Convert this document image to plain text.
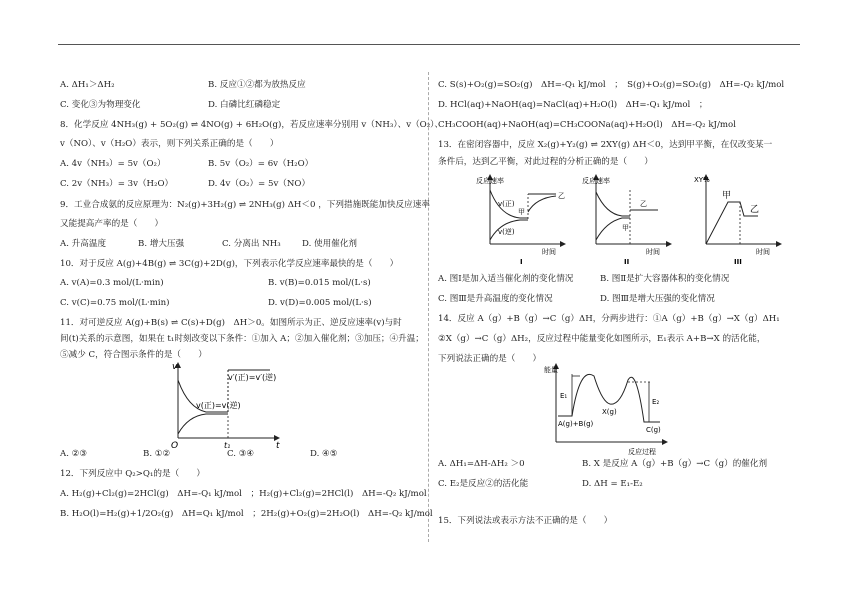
A. ΔH₁＞ΔH₂	B. 反应①②都为放热反应
C. 变化③为物理变化	D. 白磷比红磷稳定
8．化学反应 4NH₃(g) + 5O₂(g) ⇌ 4NO(g) + 6H₂O(g)，若反应速率分别用 v（NH₃）、v（O₂）、
v（NO）、v（H₂O）表示，则下列关系正确的是（　　）
A. 4v（NH₃）= 5v（O₂）	B. 5v（O₂）= 6v（H₂O）
C. 2v（NH₃）= 3v（H₂O）	D. 4v（O₂）= 5v（NO）
9．工业合成氨的反应原理为：N₂(g)+3H₂(g) ⇌ 2NH₃(g) ΔH＜0 ，下列措施既能加快反应速率
又能提高产率的是（　　）
A. 升高温度	B. 增大压强	C. 分离出 NH₃ D. 使用催化剂
10．对于反应 A(g)+4B(g) ⇌ 3C(g)+2D(g)，下列表示化学反应速率最快的是（　　）
A. v(A)=0.3 mol/(L·min)	B. v(B)=0.015 mol/(L·s)
C. v(C)=0.75 mol/(L·min)	D. v(D)=0.005 mol/(L·s)
11．对可逆反应 A(g)+B(s) ⇌ C(s)+D(g)　ΔH＞0。如图所示为正、逆反应速率(v)与时
间(t)关系的示意图，如果在 t₁时刻改变以下条件：①加入 A；②加入催化剂；③加压；④升温；
⑤减少 C，符合图示条件的是（　　）
v
t
O
v′(正)=v′(逆)
v(正)=v(逆)
t₁
A. ②③	B. ①②	C. ③④	D. ④⑤
12．下列反应中 Q₂>Q₁的是（　　）
A. H₂(g)+Cl₂(g)=2HCl(g)　ΔH=-Q₁ kJ/mol　；H₂(g)+Cl₂(g)=2HCl(l)　ΔH=-Q₂ kJ/mol
B. H₂O(l)=H₂(g)+1/2O₂(g)　ΔH=Q₁ kJ/mol　；2H₂(g)+O₂(g)=2H₂O(l)　ΔH=-Q₂ kJ/mol
C. S(s)+O₂(g)=SO₂(g)　ΔH=-Q₁ kJ/mol　；　S(g)+O₂(g)=SO₂(g)　ΔH=-Q₂ kJ/mol
D. HCl(aq)+NaOH(aq)=NaCl(aq)+H₂O(l)　ΔH=-Q₁ kJ/mol　；
CH₃COOH(aq)+NaOH(aq)=CH₃COONa(aq)+H₂O(l)　ΔH=-Q₂ kJ/mol
13．在密闭容器中，反应 X₂(g)+Y₂(g) ⇌ 2XY(g) ΔH＜0，达到甲平衡，在仅改变某一
条件后，达到乙平衡，对此过程的分析正确的是（　　）
反应速率
v(正)
v(逆)
甲
乙
时间
I
反应速率
甲
乙
时间
II
XY%
甲
乙
时间
III
A. 图Ⅰ是加入适当催化剂的变化情况	B. 图Ⅱ是扩大容器体积的变化情况
C. 图Ⅲ是升高温度的变化情况	D. 图Ⅲ是增大压强的变化情况
14．反应 A（g）+B（g）→C（g）ΔH，分两步进行：①A（g）+B（g）→X（g）ΔH₁
②X（g）→C（g）ΔH₂，反应过程中能量变化如图所示，E₁表示 A+B→X 的活化能，
下列说法正确的是（　　）
能量
E₁
E₂
X(g)
A(g)+B(g)
C(g)
反应过程
A. ΔH₁=ΔH-ΔH₂ ＞0	B. X 是反应 A（g）+B（g）→C（g）的催化剂
C. E₂是反应②的活化能	D. ΔH = E₁-E₂
15．下列说法或表示方法不正确的是（　　）
